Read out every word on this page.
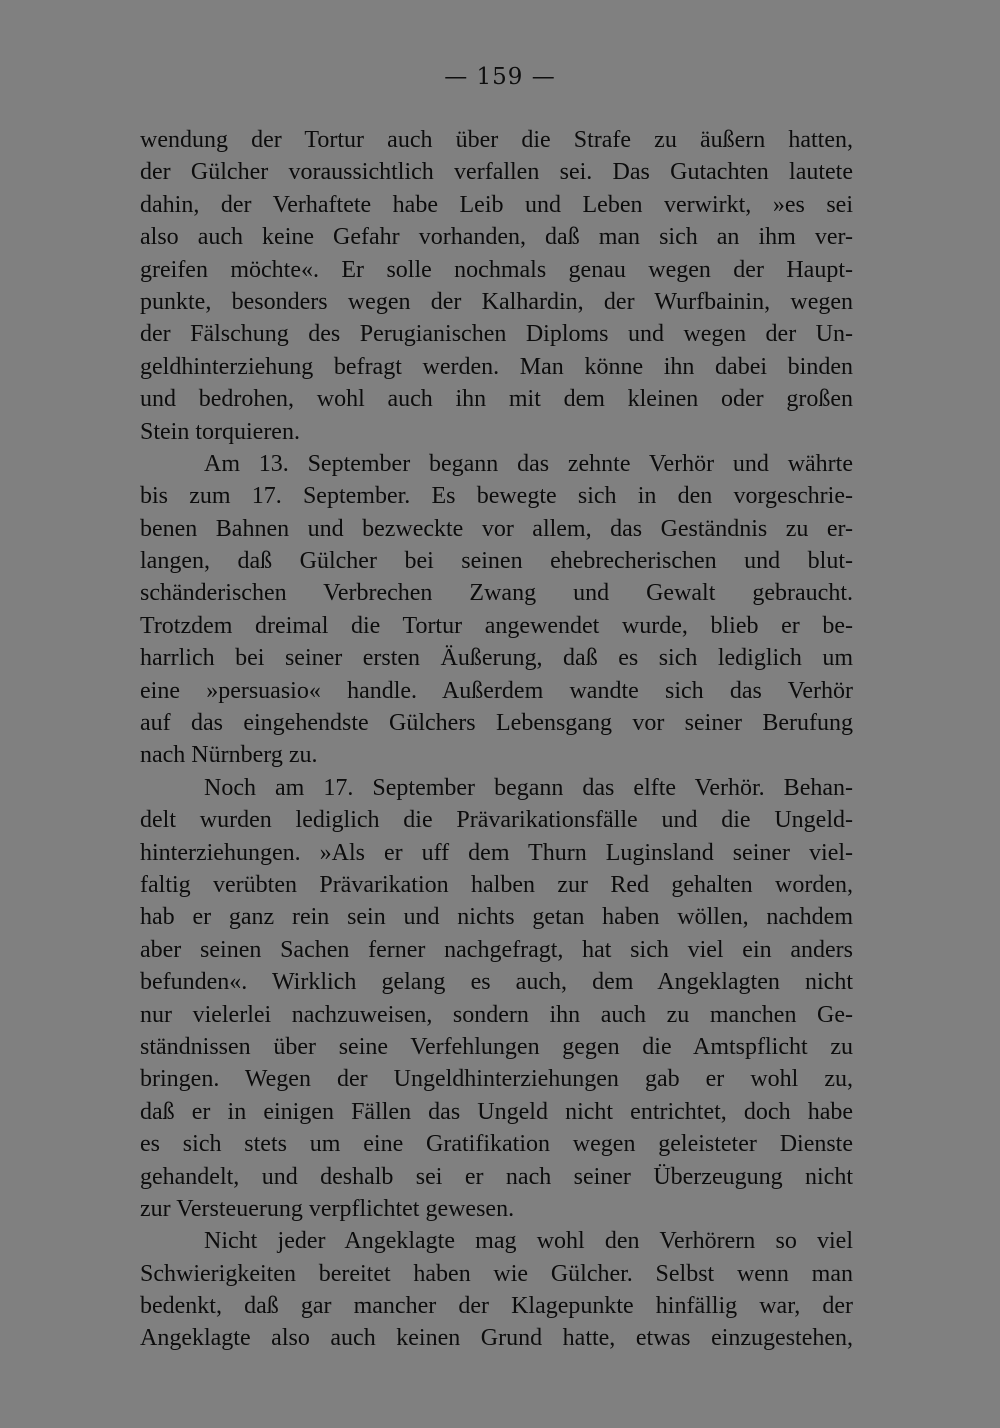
— 159 —
wendung der Tortur auch über die Strafe zu äußern hatten,
der Gülcher voraussichtlich verfallen sei. Das Gutachten lautete
dahin, der Verhaftete habe Leib und Leben verwirkt, »es sei
also auch keine Gefahr vorhanden, daß man sich an ihm ver-
greifen möchte«. Er solle nochmals genau wegen der Haupt-
punkte, besonders wegen der Kalhardin, der Wurfbainin, wegen
der Fälschung des Perugianischen Diploms und wegen der Un-
geldhinterziehung befragt werden. Man könne ihn dabei binden
und bedrohen, wohl auch ihn mit dem kleinen oder großen
Stein torquieren.
Am 13. September begann das zehnte Verhör und währte
bis zum 17. September. Es bewegte sich in den vorgeschrie-
benen Bahnen und bezweckte vor allem, das Geständnis zu er-
langen, daß Gülcher bei seinen ehebrecherischen und blut-
schänderischen Verbrechen Zwang und Gewalt gebraucht.
Trotzdem dreimal die Tortur angewendet wurde, blieb er be-
harrlich bei seiner ersten Äußerung, daß es sich lediglich um
eine »persuasio« handle. Außerdem wandte sich das Verhör
auf das eingehendste Gülchers Lebensgang vor seiner Berufung
nach Nürnberg zu.
Noch am 17. September begann das elfte Verhör. Behan-
delt wurden lediglich die Prävarikationsfälle und die Ungeld-
hinterziehungen. »Als er uff dem Thurn Luginsland seiner viel-
faltig verübten Prävarikation halben zur Red gehalten worden,
hab er ganz rein sein und nichts getan haben wöllen, nachdem
aber seinen Sachen ferner nachgefragt, hat sich viel ein anders
befunden«. Wirklich gelang es auch, dem Angeklagten nicht
nur vielerlei nachzuweisen, sondern ihn auch zu manchen Ge-
ständnissen über seine Verfehlungen gegen die Amtspflicht zu
bringen. Wegen der Ungeldhinterziehungen gab er wohl zu,
daß er in einigen Fällen das Ungeld nicht entrichtet, doch habe
es sich stets um eine Gratifikation wegen geleisteter Dienste
gehandelt, und deshalb sei er nach seiner Überzeugung nicht
zur Versteuerung verpflichtet gewesen.
Nicht jeder Angeklagte mag wohl den Verhörern so viel
Schwierigkeiten bereitet haben wie Gülcher. Selbst wenn man
bedenkt, daß gar mancher der Klagepunkte hinfällig war, der
Angeklagte also auch keinen Grund hatte, etwas einzugestehen,
